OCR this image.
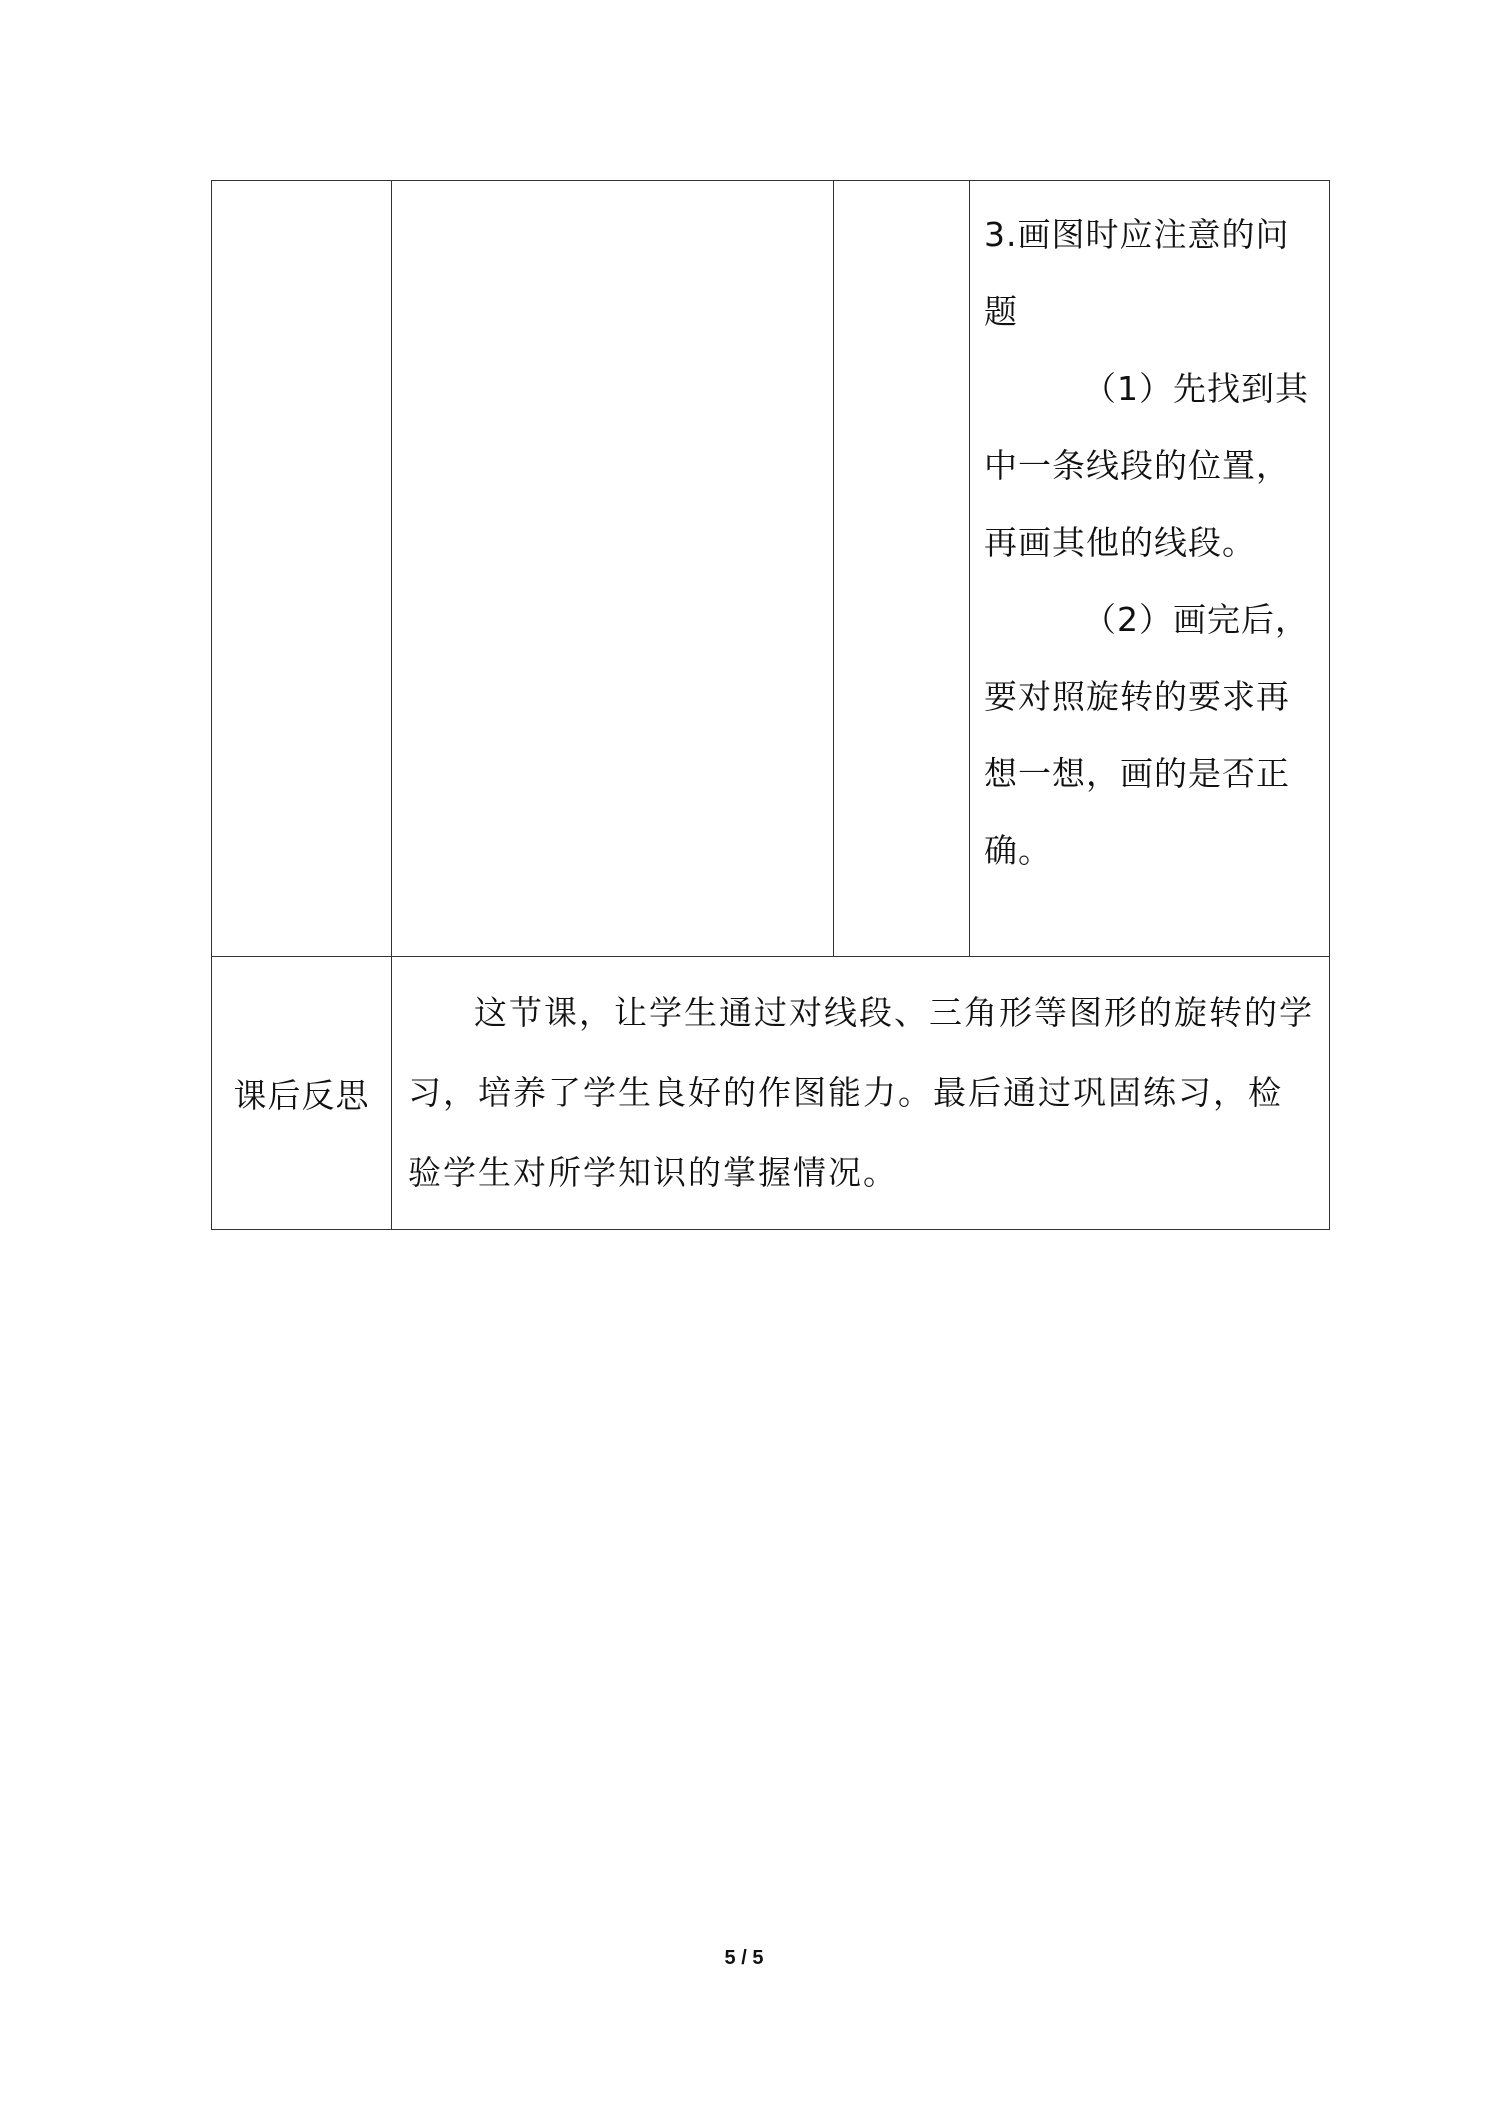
			3.画图时应注意的问题

（1）先找到其中一条线段的位置，再画其他的线段。

（2）画完后，要对照旋转的要求再想一想，画的是否正确。

课后反思	这节课，让学生通过对线段、三角形等图形的旋转的学习，培养了学生良好的作图能力。最后通过巩固练习，检验学生对所学知识的掌握情况。		

5 / 5
